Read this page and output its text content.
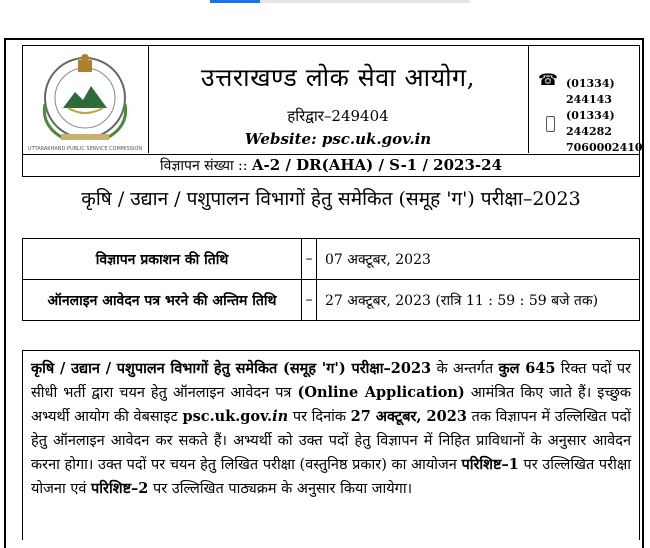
UTTARAKHAND PUBLIC SERVICE COMMISSION
उत्तराखण्ड लोक सेवा आयोग,
हरिद्वार–249404
Website: psc.uk.gov.in
☎ (01334) 244143
(01334) 244282
7060002410
विज्ञापन संख्या :: A-2 / DR(AHA) / S-1 / 2023-24
कृषि / उद्यान / पशुपालन विभागों हेतु समेकित (समूह 'ग') परीक्षा–2023
विज्ञापन प्रकाशन की तिथि	–	07 अक्टूबर, 2023
ऑनलाइन आवेदन पत्र भरने की अन्तिम तिथि	–	27 अक्टूबर, 2023 (रात्रि 11 : 59 : 59 बजे तक)
कृषि / उद्यान / पशुपालन विभागों हेतु समेकित (समूह 'ग') परीक्षा–2023 के अन्तर्गत कुल 645 रिक्त पदों पर सीधी भर्ती द्वारा चयन हेतु ऑनलाइन आवेदन पत्र (Online Application) आमंत्रित किए जाते हैं। इच्छुक अभ्यर्थी आयोग की वेबसाइट psc.uk.gov.in पर दिनांक 27 अक्टूबर, 2023 तक विज्ञापन में उल्लिखित पदों हेतु ऑनलाइन आवेदन कर सकते हैं। अभ्यर्थी को उक्त पदों हेतु विज्ञापन में निहित प्राविधानों के अनुसार आवेदन करना होगा। उक्त पदों पर चयन हेतु लिखित परीक्षा (वस्तुनिष्ठ प्रकार) का आयोजन परिशिष्ट–1 पर उल्लिखित परीक्षा योजना एवं परिशिष्ट–2 पर उल्लिखित पाठ्यक्रम के अनुसार किया जायेगा।
